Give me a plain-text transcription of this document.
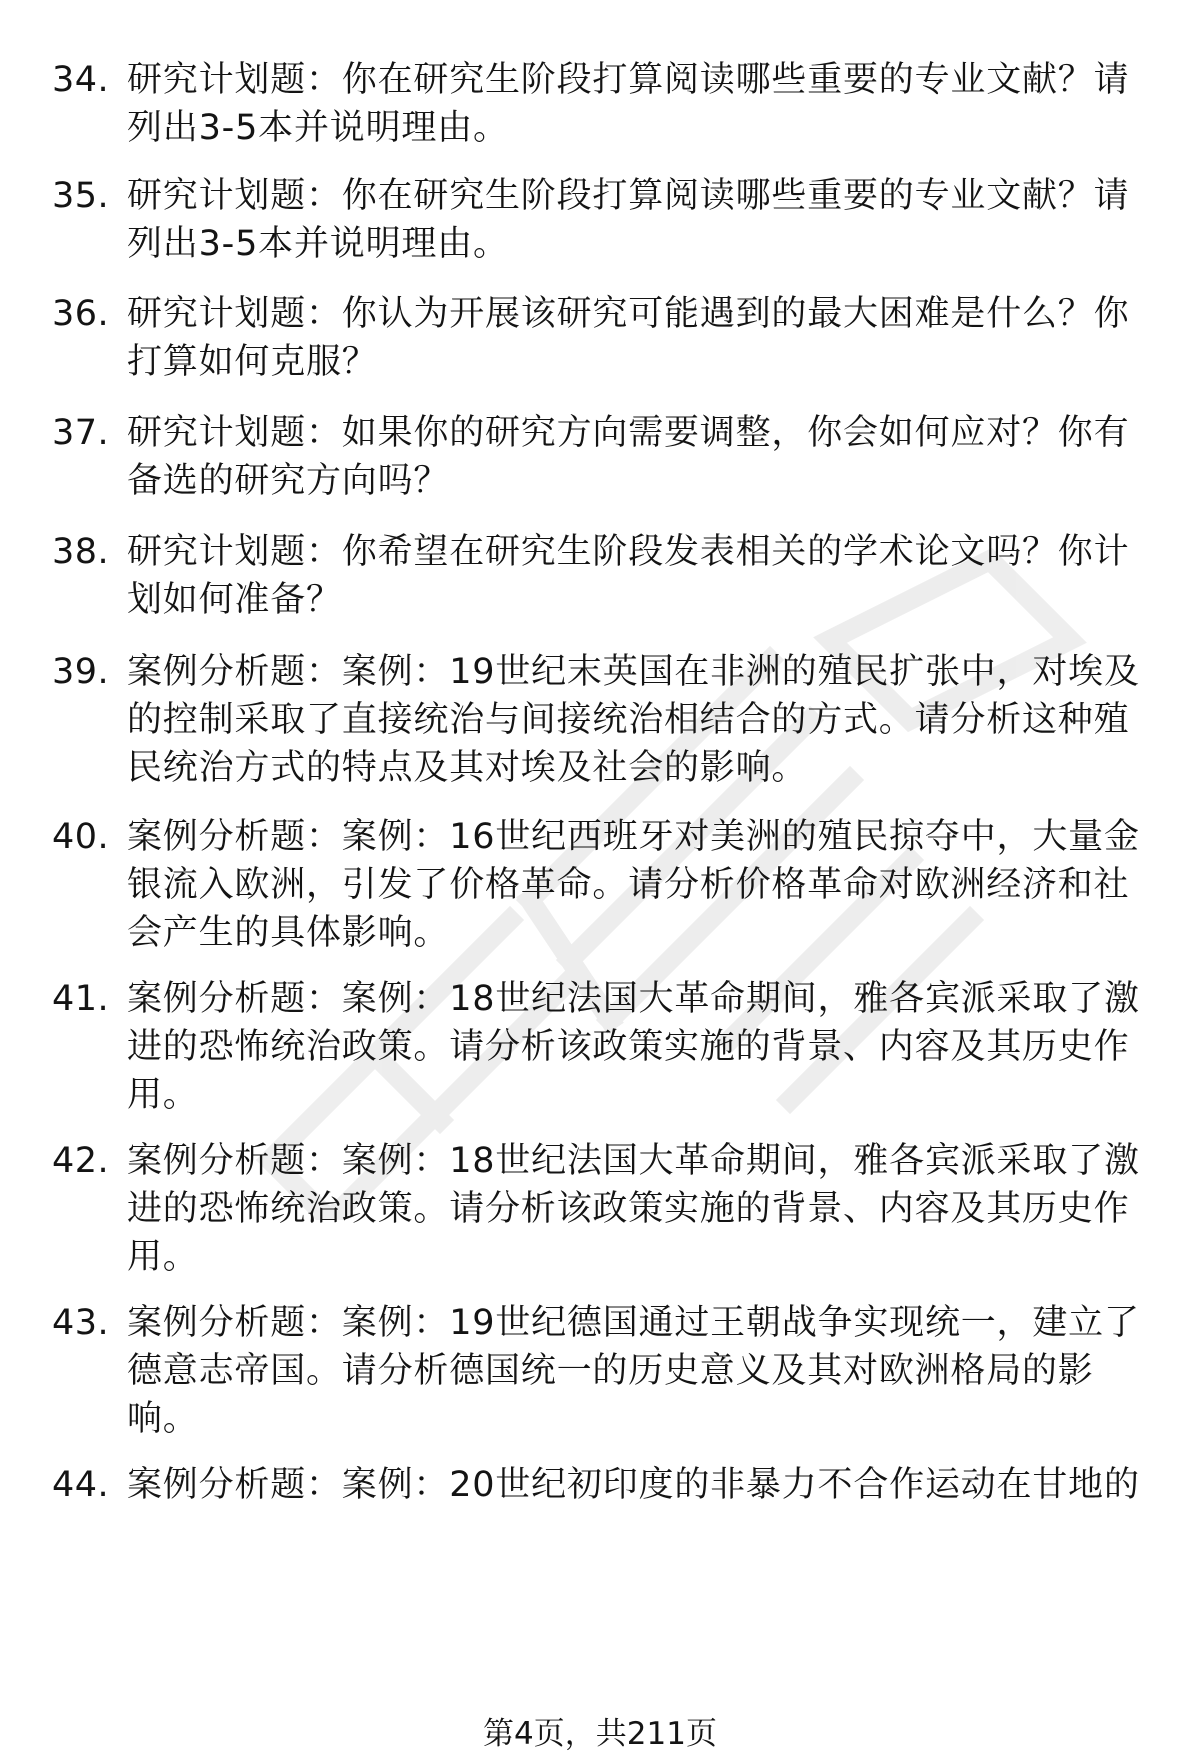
34. 研究计划题：你在研究生阶段打算阅读哪些重要的专业文献？请列出3-5本并说明理由。
35. 研究计划题：你在研究生阶段打算阅读哪些重要的专业文献？请列出3-5本并说明理由。
36. 研究计划题：你认为开展该研究可能遇到的最大困难是什么？你打算如何克服？
37. 研究计划题：如果你的研究方向需要调整，你会如何应对？你有备选的研究方向吗？
38. 研究计划题：你希望在研究生阶段发表相关的学术论文吗？你计划如何准备？
39. 案例分析题：案例：19世纪末英国在非洲的殖民扩张中，对埃及的控制采取了直接统治与间接统治相结合的方式。请分析这种殖民统治方式的特点及其对埃及社会的影响。
40. 案例分析题：案例：16世纪西班牙对美洲的殖民掠夺中，大量金银流入欧洲，引发了价格革命。请分析价格革命对欧洲经济和社会产生的具体影响。
41. 案例分析题：案例：18世纪法国大革命期间，雅各宾派采取了激进的恐怖统治政策。请分析该政策实施的背景、内容及其历史作用。
42. 案例分析题：案例：18世纪法国大革命期间，雅各宾派采取了激进的恐怖统治政策。请分析该政策实施的背景、内容及其历史作用。
43. 案例分析题：案例：19世纪德国通过王朝战争实现统一，建立了德意志帝国。请分析德国统一的历史意义及其对欧洲格局的影响。
44. 案例分析题：案例：20世纪初印度的非暴力不合作运动在甘地的
第4页，共211页
